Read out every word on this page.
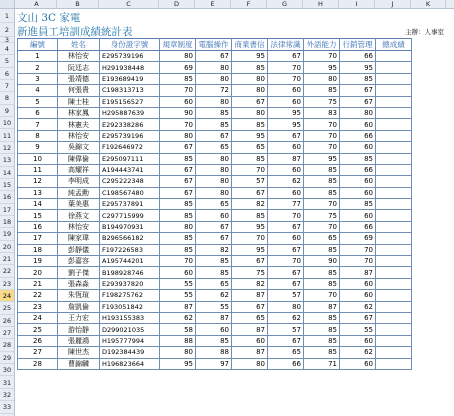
A	B	C	D	E	F	G	H	I	J	K
1
2
3
4
5
6
7
8
9
10
11
12
13
14
15
16
17
18
19
20
21
22
23
24
25
26
27
28
29
30
31
32
33
文山 3C 家電
新進員工培訓成績統計表	主辦：人事室
編號	姓名	身份證字號	規章制度	電腦操作	商業書信	法律常識	外語能力	行銷管理	總成績
1	林怡安	E295739196	80	67	95	67	70	66	
2	阮廷志	H291938448	69	80	85	70	95	95	
3	張靖德	E193689419	85	80	80	70	80	85	
4	何張貴	C198313713	70	72	80	60	85	67	
5	陳士桂	E195156527	60	80	67	60	75	67	
6	林家鳳	H295887639	90	85	80	95	83	80	
7	林憲夫	E292338286	70	85	85	95	70	60	
8	林怡安	E295739196	80	67	95	67	70	66	
9	吳錦文	F192646972	67	65	65	60	70	60	
10	陳偉倫	E295097111	85	80	85	87	95	85	
11	高耀祥	A194443741	67	80	70	60	85	66	
12	李明成	C295222348	67	80	57	62	85	60	
13	純孟勳	C198567480	67	80	67	60	85	60	
14	葉美惠	E295737891	85	65	82	77	70	85	
15	徐燕文	C297715999	85	60	85	70	75	60	
16	林怡安	B194970931	80	67	95	67	70	66	
17	陳家瑋	B296566182	85	67	70	60	65	69	
18	彭靜儀	F197226583	85	82	95	67	85	70	
19	彭嘉容	A195744201	70	85	67	70	90	70	
20	劉子傑	B198928746	60	85	75	67	85	87	
21	張森淼	E293937820	55	65	82	67	85	60	
22	朱恆瑄	F198275762	55	62	87	57	70	60	
23	詹凱倫	F193051842	87	55	67	80	87	62	
24	王力宏	H193155383	62	87	65	62	85	67	
25	游怡靜	D299021035	58	60	87	57	85	55	
26	張麗鴻	H195777994	88	85	60	67	85	60	
27	陳世杰	D192384439	80	88	87	65	85	62	
28	曹錦麟	H196823664	95	97	80	66	71	60	
